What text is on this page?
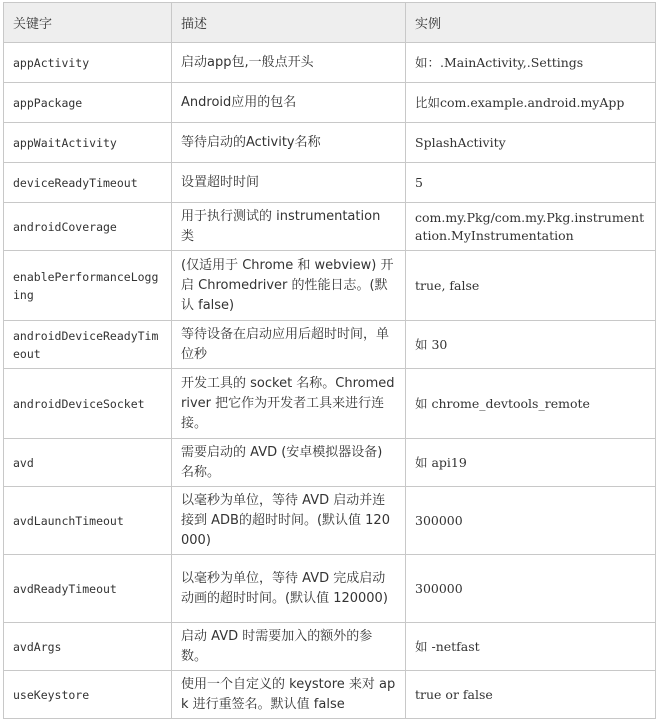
关键字	描述	实例
appActivity	启动app包,一般点开头	如：.MainActivity,.Settings
appPackage	Android应用的包名	比如com.example.android.myApp
appWaitActivity	等待启动的Activity名称	SplashActivity
deviceReadyTimeout	设置超时时间	5
androidCoverage	用于执行测试的 instrumentation 类	com.my.Pkg/com.my.Pkg.instrumentation.MyInstrumentation
enablePerformanceLogging	(仅适用于 Chrome 和 webview) 开启 Chromedriver 的性能日志。(默认 false)	true, false
androidDeviceReadyTimeout	等待设备在启动应用后超时时间，单位秒	如 30
androidDeviceSocket	开发工具的 socket 名称。Chromedriver 把它作为开发者工具来进行连接。	如 chrome_devtools_remote
avd	需要启动的 AVD (安卓模拟器设备) 名称。	如 api19
avdLaunchTimeout	以毫秒为单位，等待 AVD 启动并连接到 ADB的超时时间。(默认值 120000)	300000
avdReadyTimeout	以毫秒为单位，等待 AVD 完成启动动画的超时时间。(默认值 120000)	300000
avdArgs	启动 AVD 时需要加入的额外的参数。	如 -netfast
useKeystore	使用一个自定义的 keystore 来对 apk 进行重签名。默认值 false	true or false
